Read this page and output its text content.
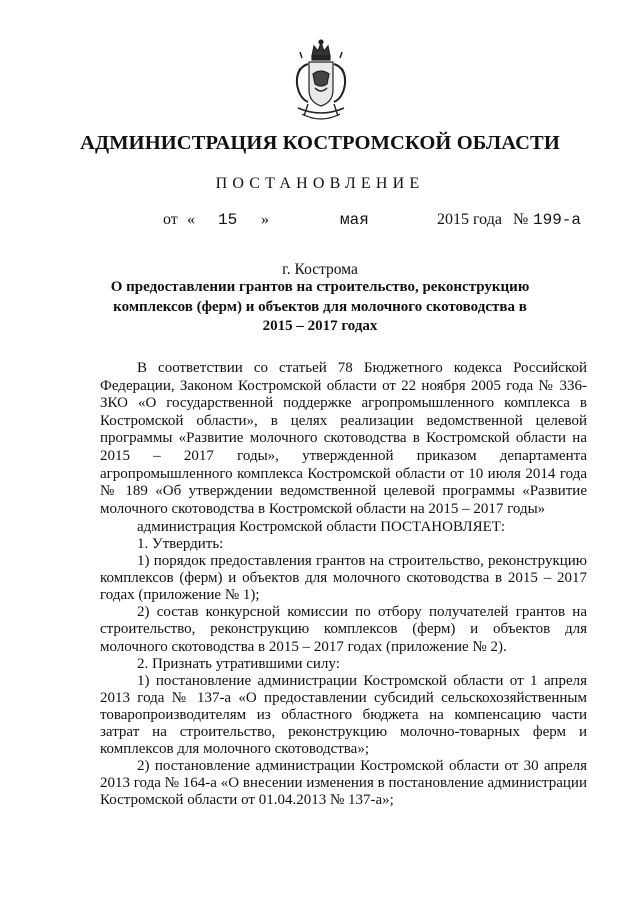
АДМИНИСТРАЦИЯ КОСТРОМСКОЙ ОБЛАСТИ
ПОСТАНОВЛЕНИЕ
от « 15 »	мая	2015 года № 199-а
г. Кострома
О предоставлении грантов на строительство, реконструкцию комплексов (ферм) и объектов для молочного скотоводства в 2015 – 2017 годах

В соответствии со статьей 78 Бюджетного кодекса Российской Федерации, Законом Костромской области от 22 ноября 2005 года № 336-ЗКО «О государственной поддержке агропромышленного комплекса в Костромской области», в целях реализации ведомственной целевой программы «Развитие молочного скотоводства в Костромской области на 2015 – 2017 годы», утвержденной приказом департамента агропромышленного комплекса Костромской области от 10 июля 2014 года № 189 «Об утверждении ведомственной целевой программы «Развитие молочного скотоводства в Костромской области на 2015 – 2017 годы»

администрация Костромской области ПОСТАНОВЛЯЕТ:

1. Утвердить:

1) порядок предоставления грантов на строительство, реконструкцию комплексов (ферм) и объектов для молочного скотоводства в 2015 – 2017 годах (приложение № 1);

2) состав конкурсной комиссии по отбору получателей грантов на строительство, реконструкцию комплексов (ферм) и объектов для молочного скотоводства в 2015 – 2017 годах (приложение № 2).

2. Признать утратившими силу:

1) постановление администрации Костромской области от 1 апреля 2013 года № 137-а «О предоставлении субсидий сельскохозяйственным товаропроизводителям из областного бюджета на компенсацию части затрат на строительство, реконструкцию молочно-товарных ферм и комплексов для молочного скотоводства»;

2) постановление администрации Костромской области от 30 апреля 2013 года № 164-а «О внесении изменения в постановление администрации Костромской области от 01.04.2013 № 137-а»;
